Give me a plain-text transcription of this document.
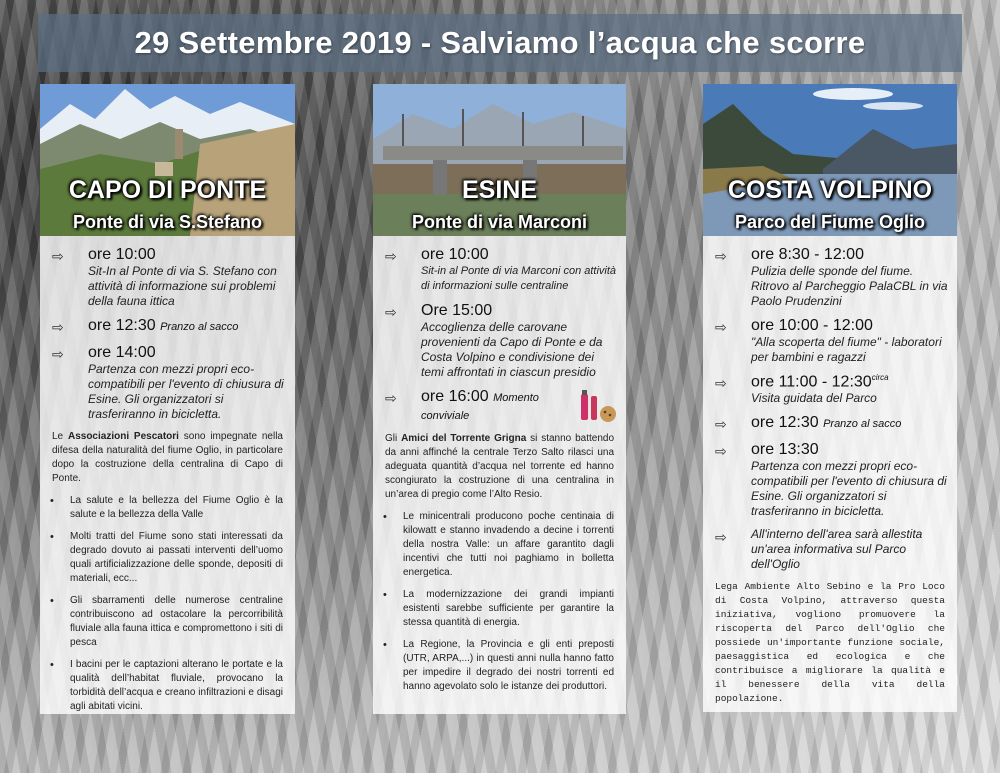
29 Settembre 2019 - Salviamo l’acqua che scorre
CAPO DI PONTE
Ponte di via S.Stefano
⇨	ore 10:00
Sit-In al Ponte di via S. Stefano con attività di informazione sui problemi della fauna ittica
⇨	ore 12:30 Pranzo al sacco
⇨	ore 14:00
Partenza con mezzi propri eco-compatibili per l'evento di chiusura di Esine. Gli organizzatori si trasferiranno in bicicletta.

Le Associazioni Pescatori sono impegnate nella difesa della naturalità del fiume Oglio, in particolare dopo la costruzione della centralina di Capo di Ponte.

•	La salute e la bellezza del Fiume Oglio è la salute e la bellezza della Valle
•	Molti tratti del Fiume sono stati interessati da degrado dovuto ai passati interventi dell’uomo quali artificializzazione delle sponde, depositi di materiali, ecc...
•	Gli sbarramenti delle numerose centraline contribuiscono ad ostacolare la percorribilità fluviale alla fauna ittica e compromettono i siti di pesca
•	I bacini per le captazioni alterano le portate e la qualità dell’habitat fluviale, provocano la torbidità dell’acqua e creano infiltrazioni e disagi agli abitati vicini.
ESINE
Ponte di via Marconi
⇨	ore 10:00
Sit-in al Ponte di via Marconi con attività di informazioni sulle centraline
⇨	Ore 15:00
Accoglienza delle carovane provenienti da Capo di Ponte e da Costa Volpino e condivisione dei temi affrontati in ciascun presidio
⇨	ore 16:00 Momento conviviale

Gli Amici del Torrente Grigna si stanno battendo da anni affinché la centrale Terzo Salto rilasci una adeguata quantità d’acqua nel torrente ed hanno scongiurato la costruzione di una centralina in un’area di pregio come l’Alto Resio.

•	Le minicentrali producono poche centinaia di kilowatt e stanno invadendo a decine i torrenti della nostra Valle: un affare garantito dagli incentivi che tutti noi paghiamo in bolletta energetica.
•	La modernizzazione dei grandi impianti esistenti sarebbe sufficiente per garantire la stessa quantità di energia.
•	La Regione, la Provincia e gli enti preposti (UTR, ARPA,...) in questi anni nulla hanno fatto per impedire il degrado dei nostri torrenti ed hanno agevolato solo le istanze dei produttori.
COSTA VOLPINO
Parco del Fiume Oglio
⇨	ore 8:30 - 12:00
Pulizia delle sponde del fiume. Ritrovo al Parcheggio PalaCBL in via Paolo Prudenzini
⇨	ore 10:00 - 12:00
"Alla scoperta del fiume" - laboratori per bambini e ragazzi
⇨	ore 11:00 - $12:30^{circa}$
Visita guidata del Parco
⇨	ore 12:30 Pranzo al sacco
⇨	ore 13:30
Partenza con mezzi propri eco-compatibili per l'evento di chiusura di Esine. Gli organizzatori si trasferiranno in bicicletta.
⇨	All'interno dell'area sarà allestita un'area informativa sul Parco dell'Oglio

Lega Ambiente Alto Sebino e la Pro Loco di Costa Volpino, attraverso questa iniziativa, vogliono promuovere la riscoperta del Parco dell'Oglio che possiede un'importante funzione sociale, paesaggistica ed ecologica e che contribuisce a migliorare la qualità e il benessere della vita della popolazione.
